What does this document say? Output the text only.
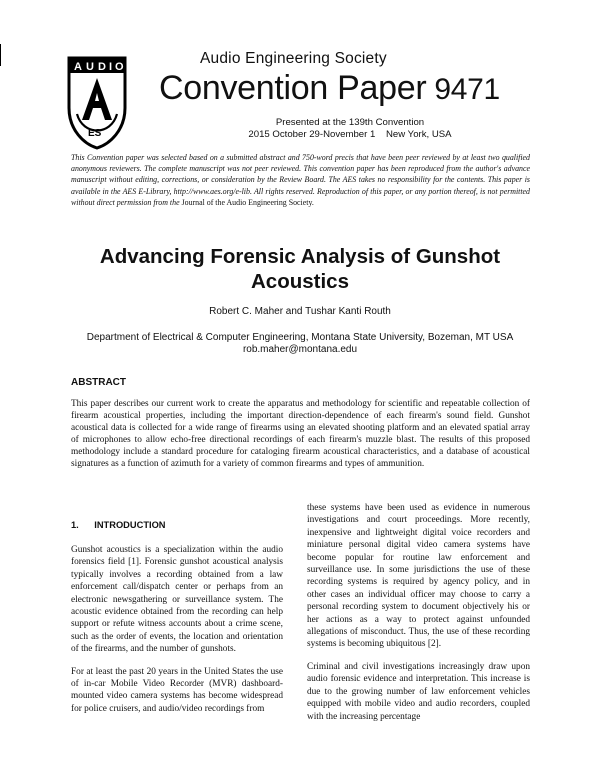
A U D I O
ES
Audio Engineering Society
Convention Paper 9471
Presented at the 139th Convention
2015 October 29-November 1    New York, USA
This Convention paper was selected based on a submitted abstract and 750-word precis that have been peer reviewed by at least two qualified anonymous reviewers. The complete manuscript was not peer reviewed. This convention paper has been reproduced from the author's advance manuscript without editing, corrections, or consideration by the Review Board. The AES takes no responsibility for the contents. This paper is available in the AES E-Library, http://www.aes.org/e-lib. All rights reserved. Reproduction of this paper, or any portion thereof, is not permitted without direct permission from the Journal of the Audio Engineering Society.
Advancing Forensic Analysis of Gunshot Acoustics
Robert C. Maher and Tushar Kanti Routh
Department of Electrical & Computer Engineering, Montana State University, Bozeman, MT USA
rob.maher@montana.edu
ABSTRACT
This paper describes our current work to create the apparatus and methodology for scientific and repeatable collection of firearm acoustical properties, including the important direction-dependence of each firearm's sound field. Gunshot acoustical data is collected for a wide range of firearms using an elevated shooting platform and an elevated spatial array of microphones to allow echo-free directional recordings of each firearm's muzzle blast. The results of this proposed methodology include a standard procedure for cataloging firearm acoustical characteristics, and a database of acoustical signatures as a function of azimuth for a variety of common firearms and types of ammunition.
1.      INTRODUCTION

Gunshot acoustics is a specialization within the audio forensics field [1]. Forensic gunshot acoustical analysis typically involves a recording obtained from a law enforcement call/dispatch center or perhaps from an electronic newsgathering or surveillance system. The acoustic evidence obtained from the recording can help support or refute witness accounts about a crime scene, such as the order of events, the location and orientation of the firearms, and the number of gunshots.

For at least the past 20 years in the United States the use of in-car Mobile Video Recorder (MVR) dashboard-mounted video camera systems has become widespread for police cruisers, and audio/video recordings from

these systems have been used as evidence in numerous investigations and court proceedings. More recently, inexpensive and lightweight digital voice recorders and miniature personal digital video camera systems have become popular for routine law enforcement and surveillance use. In some jurisdictions the use of these recording systems is required by agency policy, and in other cases an individual officer may choose to carry a personal recording system to document objectively his or her actions as a way to protect against unfounded allegations of misconduct. Thus, the use of these recording systems is becoming ubiquitous [2].

Criminal and civil investigations increasingly draw upon audio forensic evidence and interpretation. This increase is due to the growing number of law enforcement vehicles equipped with mobile video and audio recorders, coupled with the increasing percentage
